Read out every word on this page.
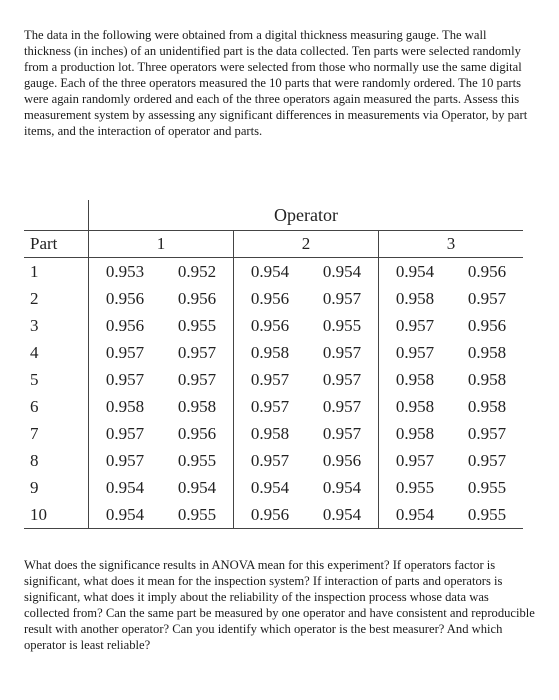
The data in the following were obtained from a digital thickness measuring gauge. The wall thickness (in inches) of an unidentified part is the data collected. Ten parts were selected randomly from a production lot. Three operators were selected from those who normally use the same digital gauge. Each of the three operators measured the 10 parts that were randomly ordered. The 10 parts were again randomly ordered and each of the three operators again measured the parts. Assess this measurement system by assessing any significant differences in measurements via Operator, by part items, and the interaction of operator and parts.

	Operator					
Part	1		2		3	
1	0.953	0.952	0.954	0.954	0.954	0.956
2	0.956	0.956	0.956	0.957	0.958	0.957
3	0.956	0.955	0.956	0.955	0.957	0.956
4	0.957	0.957	0.958	0.957	0.957	0.958
5	0.957	0.957	0.957	0.957	0.958	0.958
6	0.958	0.958	0.957	0.957	0.958	0.958
7	0.957	0.956	0.958	0.957	0.958	0.957
8	0.957	0.955	0.957	0.956	0.957	0.957
9	0.954	0.954	0.954	0.954	0.955	0.955
10	0.954	0.955	0.956	0.954	0.954	0.955

What does the significance results in ANOVA mean for this experiment? If operators factor is significant, what does it mean for the inspection system? If interaction of parts and operators is significant, what does it imply about the reliability of the inspection process whose data was collected from? Can the same part be measured by one operator and have consistent and reproducible result with another operator? Can you identify which operator is the best measurer? And which operator is least reliable?
